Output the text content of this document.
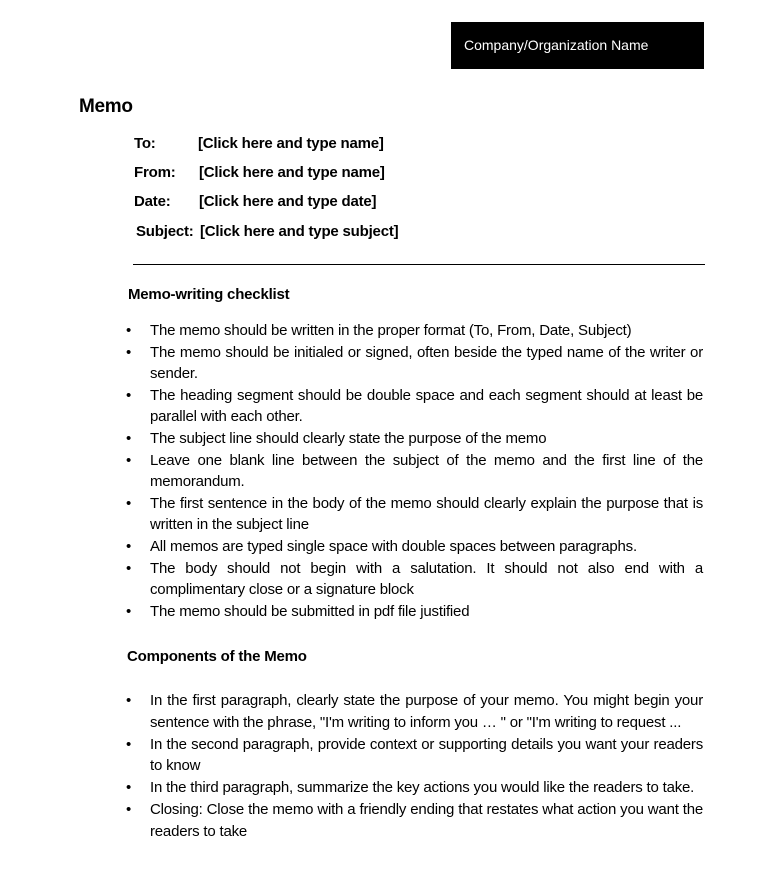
Company/Organization Name
Memo
To:	[Click here and type name]
From: [Click here and type name]
Date: [Click here and type date]
Subject: [Click here and type subject]
Memo-writing checklist
• The memo should be written in the proper format (To, From, Date, Subject)
• The memo should be initialed or signed, often beside the typed name of the writer or sender.
• The heading segment should be double space and each segment should at least be parallel with each other.
• The subject line should clearly state the purpose of the memo
• Leave one blank line between the subject of the memo and the first line of the memorandum.
• The first sentence in the body of the memo should clearly explain the purpose that is written in the subject line
• All memos are typed single space with double spaces between paragraphs.
• The body should not begin with a salutation. It should not also end with a complimentary close or a signature block
• The memo should be submitted in pdf file justified
Components of the Memo
• In the first paragraph, clearly state the purpose of your memo. You might begin your sentence with the phrase, "I'm writing to inform you … " or "I'm writing to request ...
• In the second paragraph, provide context or supporting details you want your readers to know
• In the third paragraph, summarize the key actions you would like the readers to take.
• Closing: Close the memo with a friendly ending that restates what action you want the readers to take
